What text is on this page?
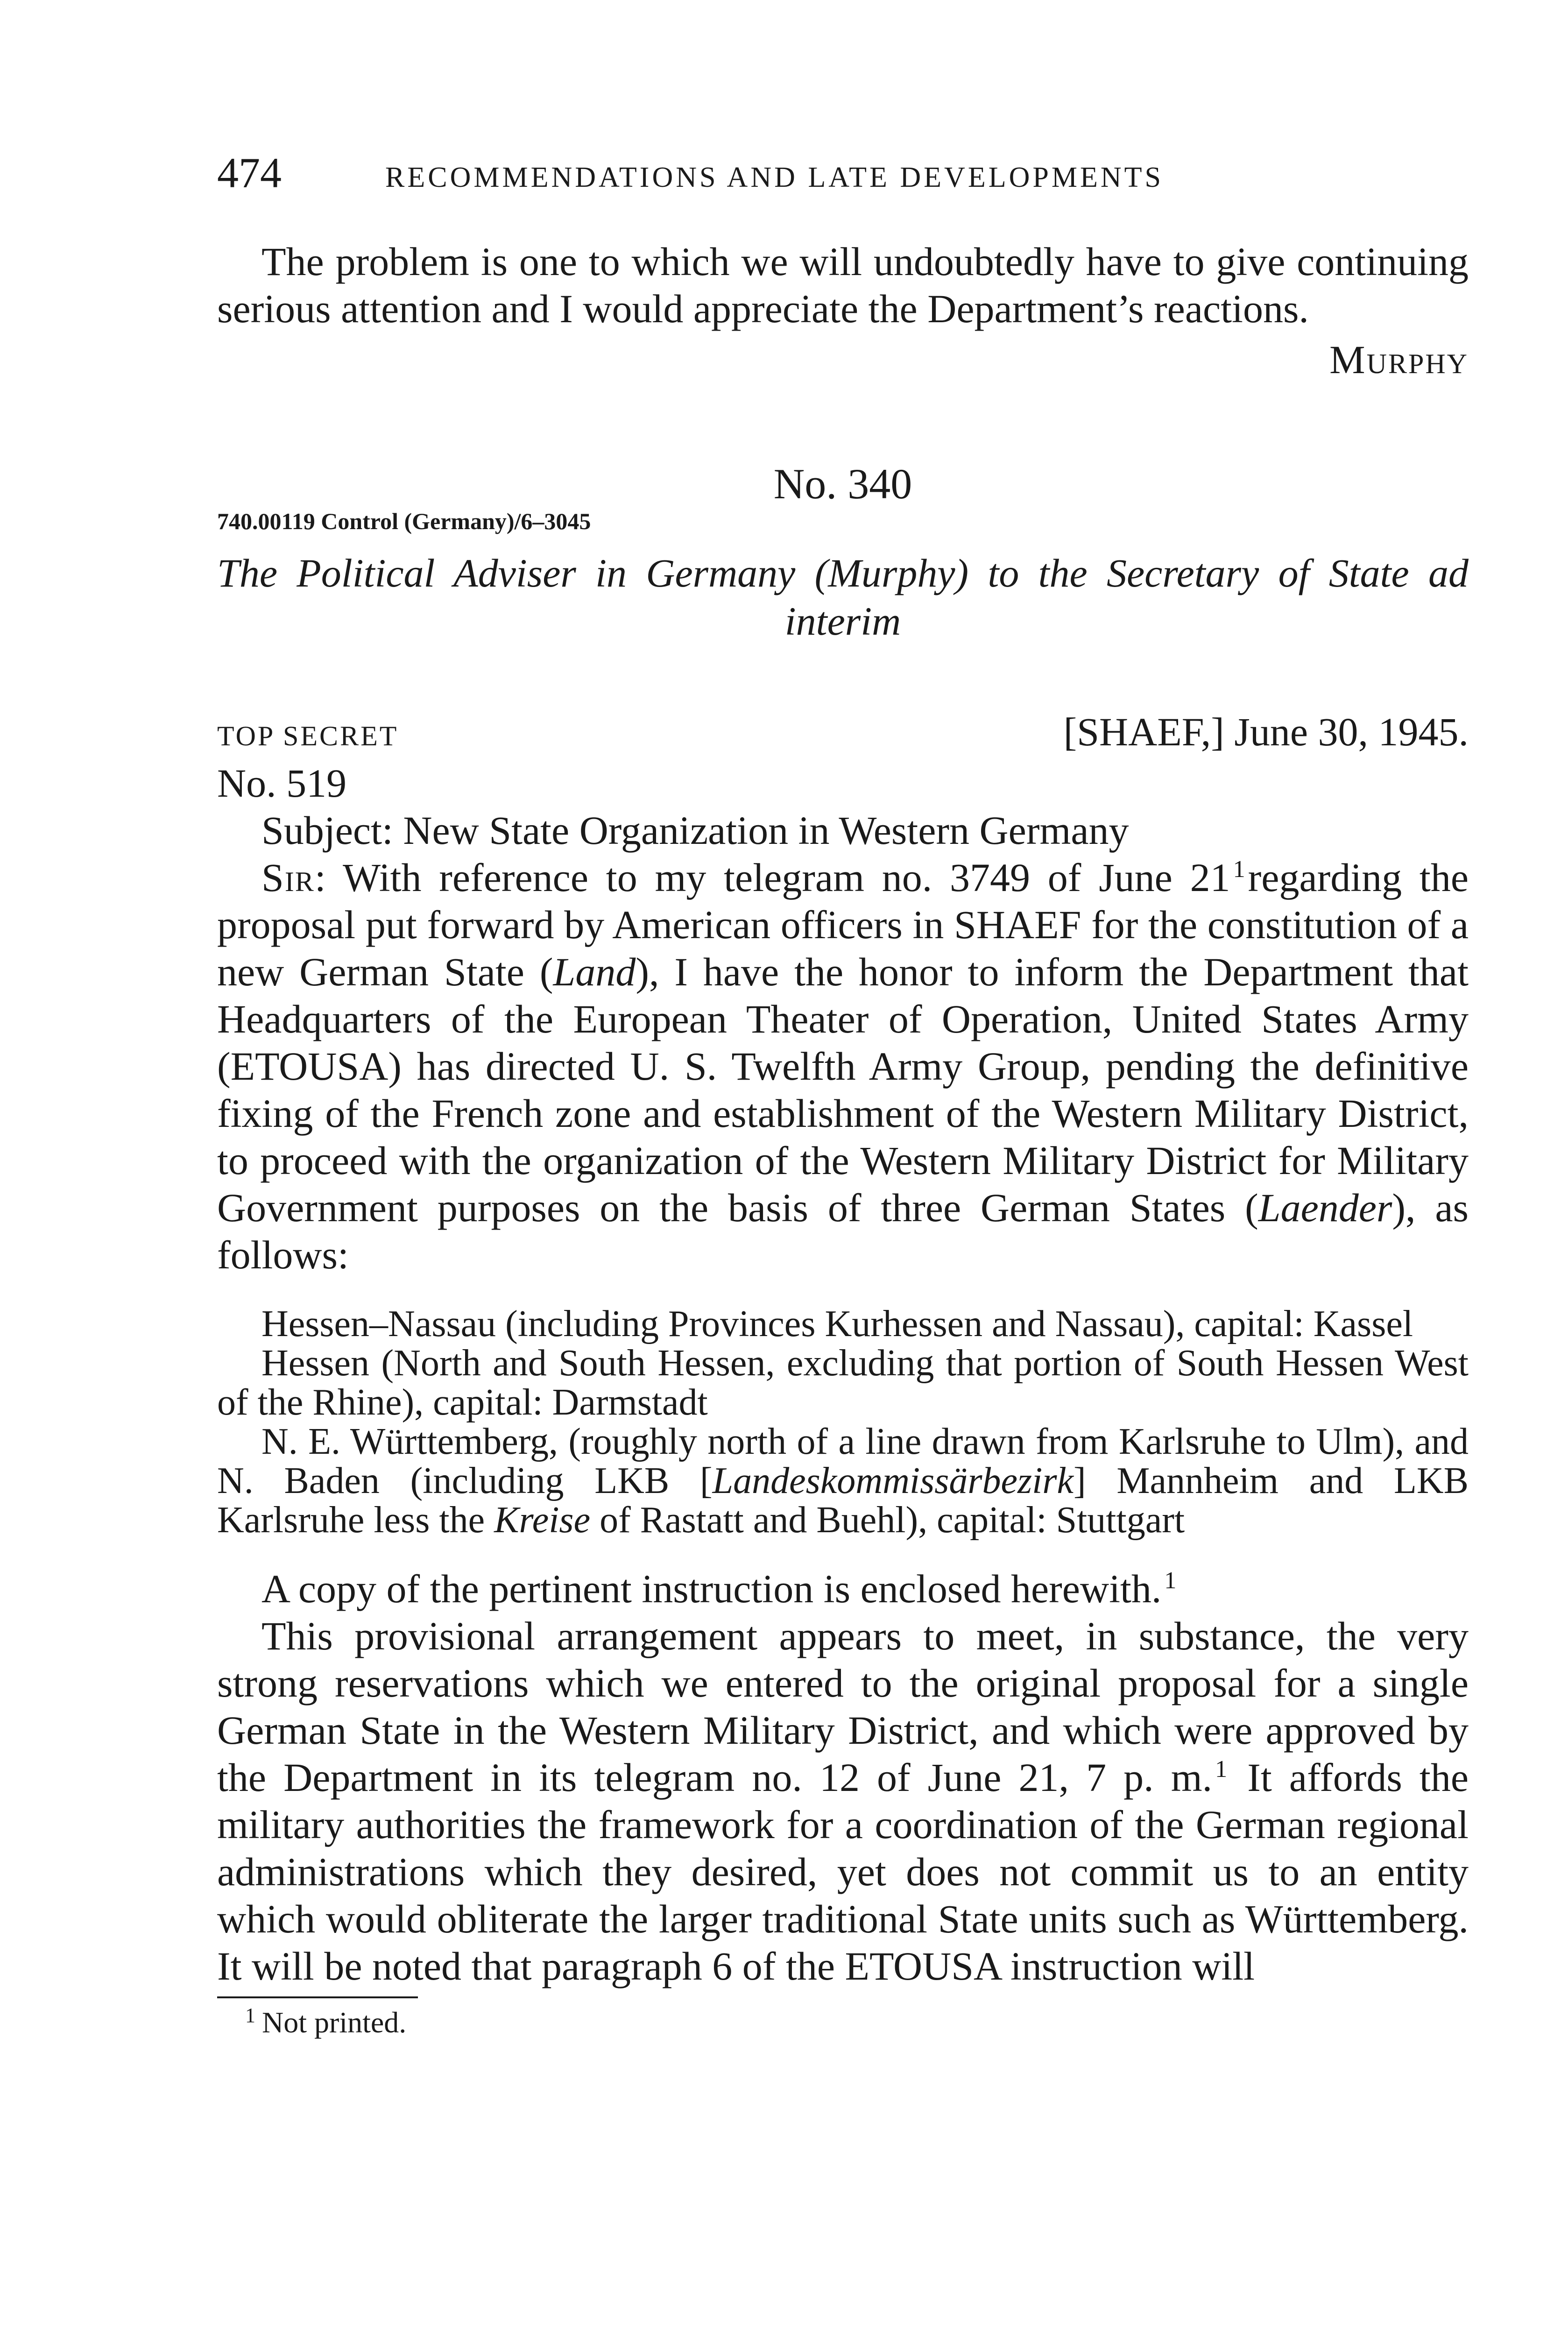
474	RECOMMENDATIONS AND LATE DEVELOPMENTS

The problem is one to which we will undoubtedly have to give continuing serious attention and I would appreciate the Department’s reactions.

Murphy
No. 340
740.00119 Control (Germany)/6–3045
The Political Adviser in Germany (Murphy) to the Secretary of State ad interim
TOP SECRET	[SHAEF,] June 30, 1945.
No. 519
Subject: New State Organization in Western Germany

Sir: With reference to my telegram no. 3749 of June 21 $^1$regarding the proposal put forward by American officers in SHAEF for the constitution of a new German State (Land), I have the honor to inform the Department that Headquarters of the European Theater of Operation, United States Army (ETOUSA) has directed U. S. Twelfth Army Group, pending the definitive fixing of the French zone and establishment of the Western Military District, to proceed with the organization of the Western Military District for Military Government purposes on the basis of three German States (Laender), as follows:

Hessen–Nassau (including Provinces Kurhessen and Nassau), capital: Kassel

Hessen (North and South Hessen, excluding that portion of South Hessen West of the Rhine), capital: Darmstadt

N. E. Württemberg, (roughly north of a line drawn from Karlsruhe to Ulm), and N. Baden (including LKB [Landeskommissärbezirk] Mannheim and LKB Karlsruhe less the Kreise of Rastatt and Buehl), capital: Stuttgart

A copy of the pertinent instruction is enclosed herewith. $^1$

This provisional arrangement appears to meet, in substance, the very strong reservations which we entered to the original proposal for a single German State in the Western Military District, and which were approved by the Department in its telegram no. 12 of June 21, 7 p. m. $^1$ It affords the military authorities the framework for a coordination of the German regional administrations which they desired, yet does not commit us to an entity which would obliterate the larger traditional State units such as Württemberg. It will be noted that paragraph 6 of the ETOUSA instruction will

$^1$ Not printed.
